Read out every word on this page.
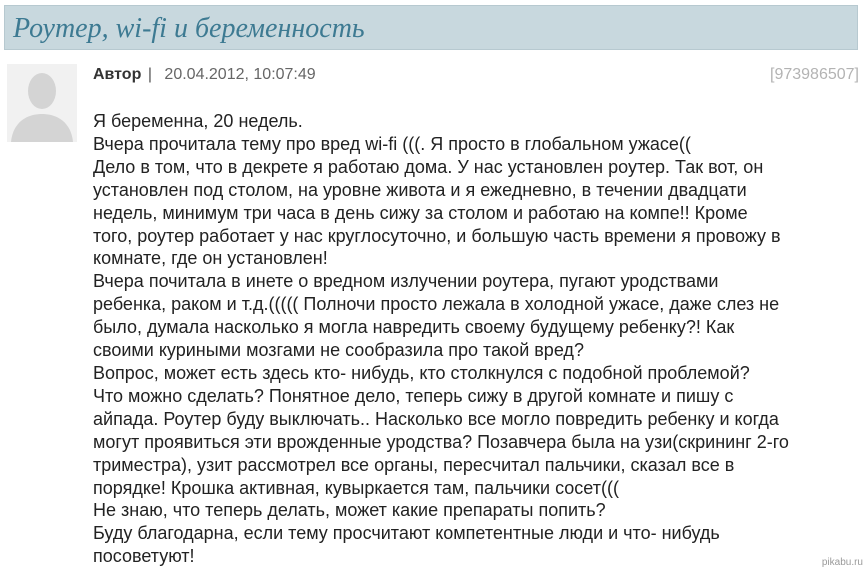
Роутер, wi-fi и беременность
Автор | 20.04.2012, 10:07:49	[973986507]
Я беременна, 20 недель.
Вчера прочитала тему про вред wi-fi (((. Я просто в глобальном ужасе((
Дело в том, что в декрете я работаю дома. У нас установлен роутер. Так вот, он
установлен под столом, на уровне живота и я ежедневно, в течении двадцати
недель, минимум три часа в день сижу за столом и работаю на компе!! Кроме
того, роутер работает у нас круглосуточно, и большую часть времени я провожу в
комнате, где он установлен!
Вчера почитала в инете о вредном излучении роутера, пугают уродствами
ребенка, раком и т.д.((((( Полночи просто лежала в холодной ужасе, даже слез не
было, думала насколько я могла навредить своему будущему ребенку?! Как
своими куриными мозгами не сообразила про такой вред?
Вопрос, может есть здесь кто- нибудь, кто столкнулся с подобной проблемой?
Что можно сделать? Понятное дело, теперь сижу в другой комнате и пишу с
айпада. Роутер буду выключать.. Насколько все могло повредить ребенку и когда
могут проявиться эти врожденные уродства? Позавчера была на узи(скрининг 2-го
триместра), узит рассмотрел все органы, пересчитал пальчики, сказал все в
порядке! Крошка активная, кувыркается там, пальчики сосет(((
Не знаю, что теперь делать, может какие препараты попить?
Буду благодарна, если тему просчитают компетентные люди и что- нибудь
посоветуют!	pikabu.ru
